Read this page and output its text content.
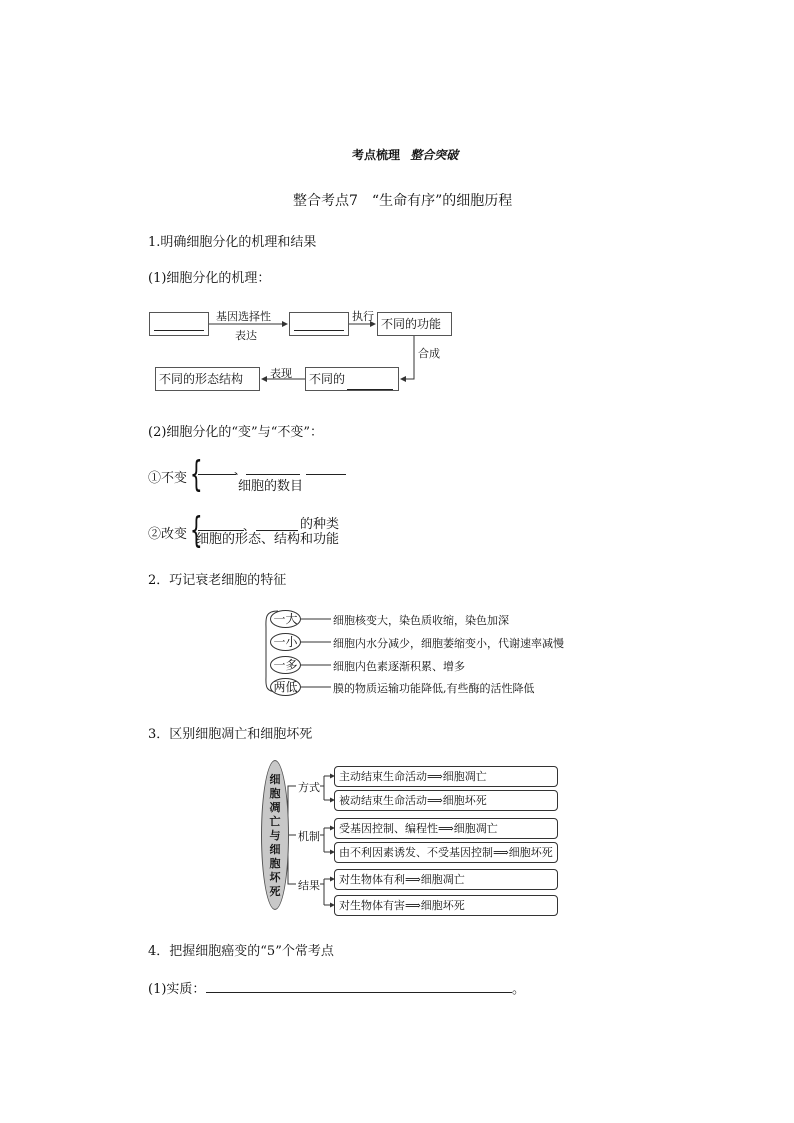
考点梳理 整合突破
整合考点7　“生命有序”的细胞历程
1.明确细胞分化的机理和结果
(1)细胞分化的机理：
基因选择性
表达
执行
不同的功能
合成
不同的
表现
不同的形态结构
(2)细胞分化的“变”与“不变”：
①不变 {	、
细胞的数目
②改变 {	、	的种类
细胞的形态、结构和功能
2．巧记衰老细胞的特征
一大	细胞核变大，染色质收缩，染色加深
一小	细胞内水分减少，细胞萎缩变小，代谢速率减慢
一多	细胞内色素逐渐积累、增多
两低	膜的物质运输功能降低,有些酶的活性降低
3．区别细胞凋亡和细胞坏死
细
胞
凋
亡
与
细
胞
坏
死
方式
机制
结果
主动结束生命活动⟹细胞凋亡
被动结束生命活动⟹细胞坏死
受基因控制、编程性⟹细胞凋亡
由不利因素诱发、不受基因控制⟹细胞坏死
对生物体有利⟹细胞凋亡
对生物体有害⟹细胞坏死
4．把握细胞癌变的“5”个常考点
(1)实质：	。
